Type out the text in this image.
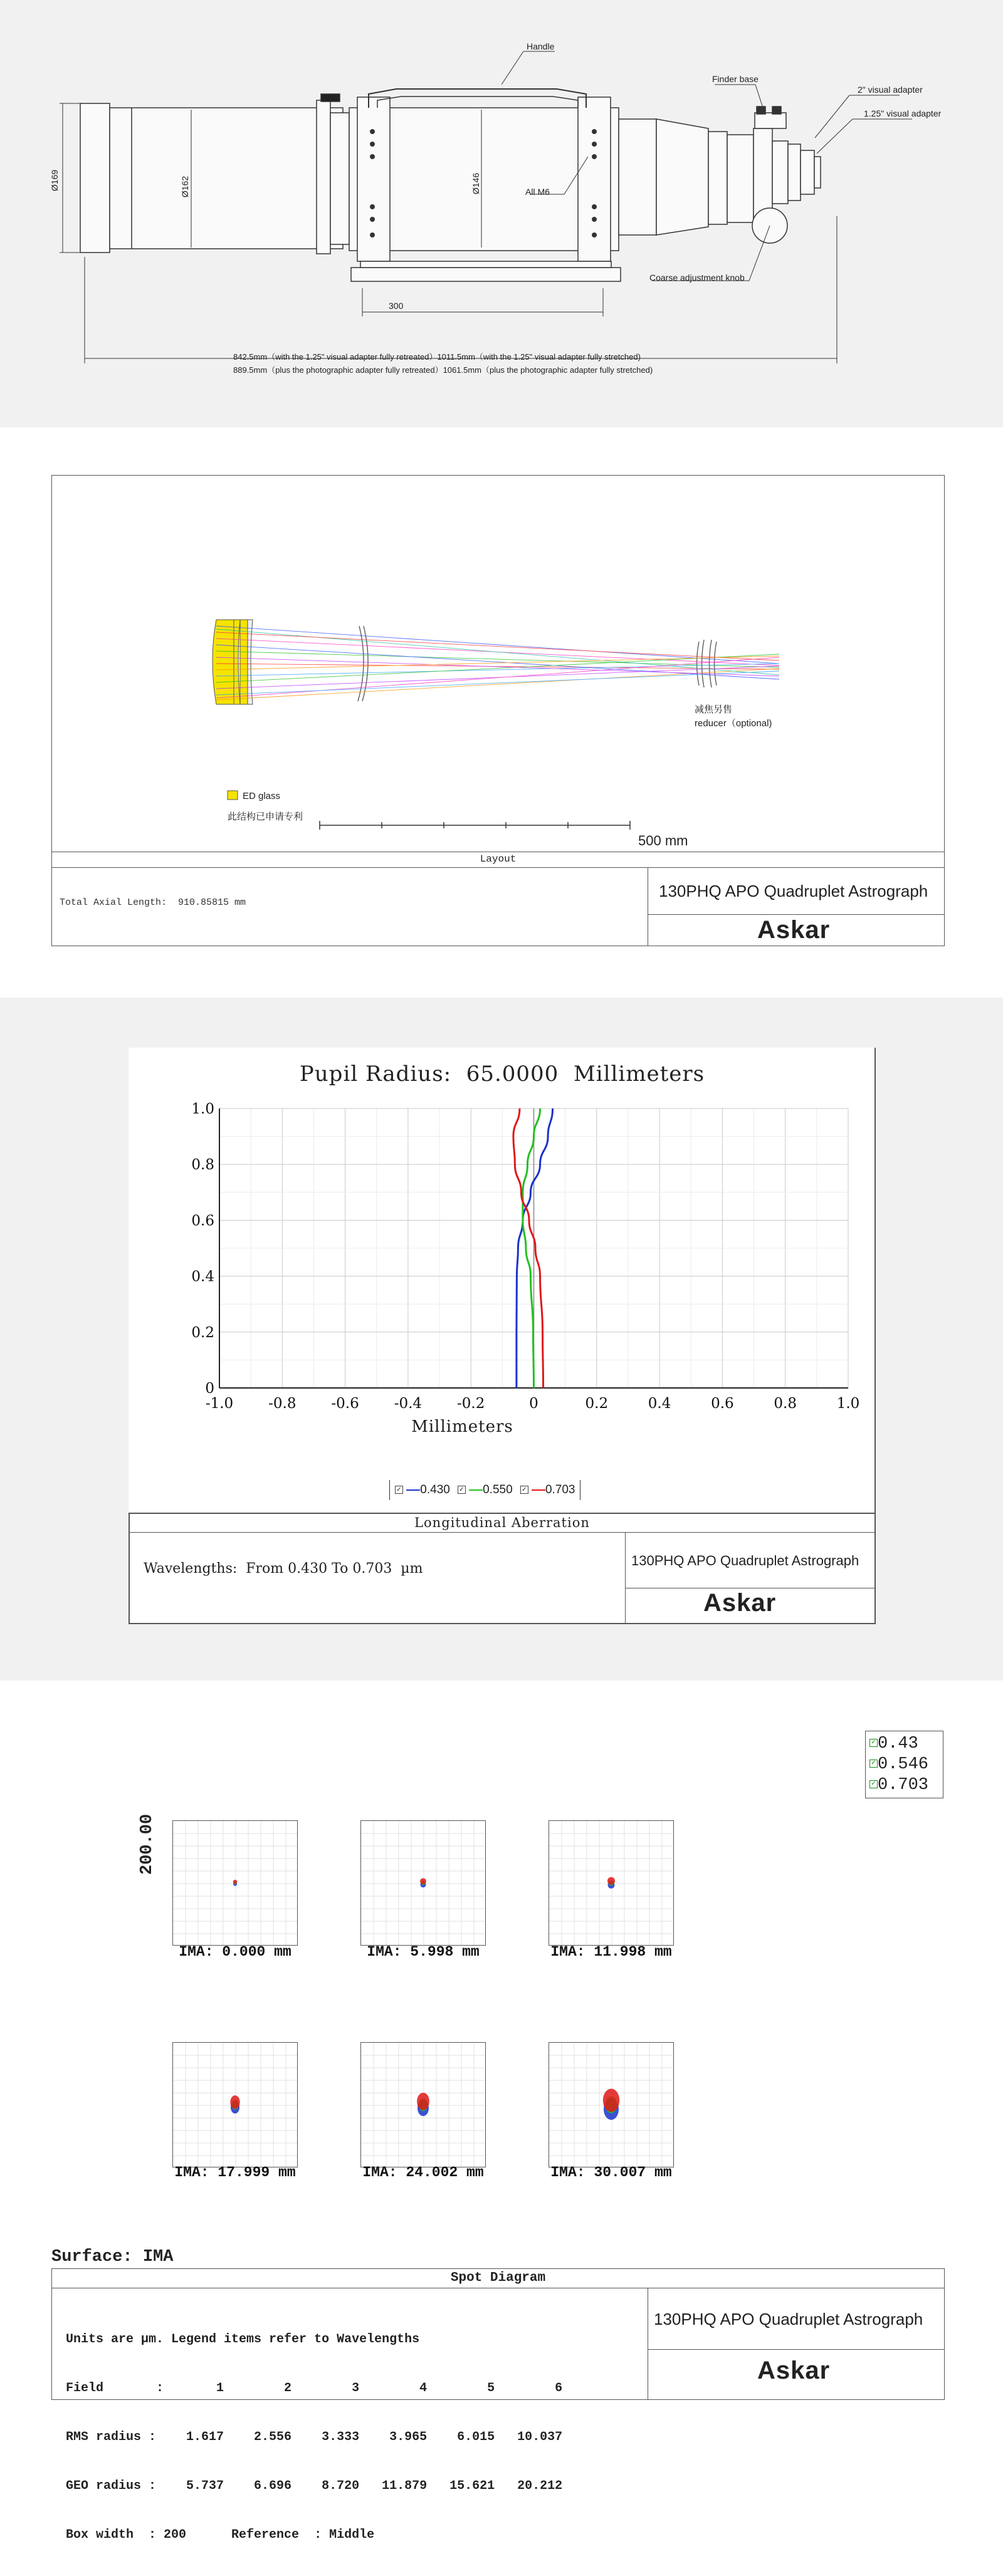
Handle
Finder base
2" visual adapter
1.25" visual adapter
All M6
Coarse adjustment knob
Ø169	Ø162	Ø146
300
842.5mm（with the 1.25" visual adapter fully retreated）1011.5mm（with the 1.25" visual adapter fully stretched)
889.5mm（plus the photographic adapter fully retreated）1061.5mm（plus the photographic adapter fully stretched)
ED glass
此结构已申请专利
减焦另售
reducer（optional)
500 mm
Layout
Total Axial Length:  910.85815 mm
130PHQ APO Quadruplet Astrograph
Askar
Pupil Radius:  65.0000  Millimeters
-1.0 -0.8 -0.6 -0.4 -0.2	0	0.2	0.4	0.6	0.8	1.0
0
0.2
0.4
0.6
0.8
1.0
Millimeters
✓ 0.430 ✓ 0.550 ✓ 0.703
Longitudinal Aberration
Wavelengths:  From 0.430 To 0.703  µm
130PHQ APO Quadruplet Astrograph
Askar
✓0.43
✓0.546
✓0.703
200.00
IMA: 0.000 mm	IMA: 5.998 mm	IMA: 11.998 mm
IMA: 17.999 mm	IMA: 24.002 mm	IMA: 30.007 mm
Surface: IMA
Spot Diagram

Units are µm. Legend items refer to Wavelengths

Field       :       1        2        3        4        5        6

RMS radius :    1.617    2.556    3.333    3.965    6.015   10.037

GEO radius :    5.737    6.696    8.720   11.879   15.621   20.212

Box width  : 200      Reference  : Middle

130PHQ APO Quadruplet Astrograph
Askar
